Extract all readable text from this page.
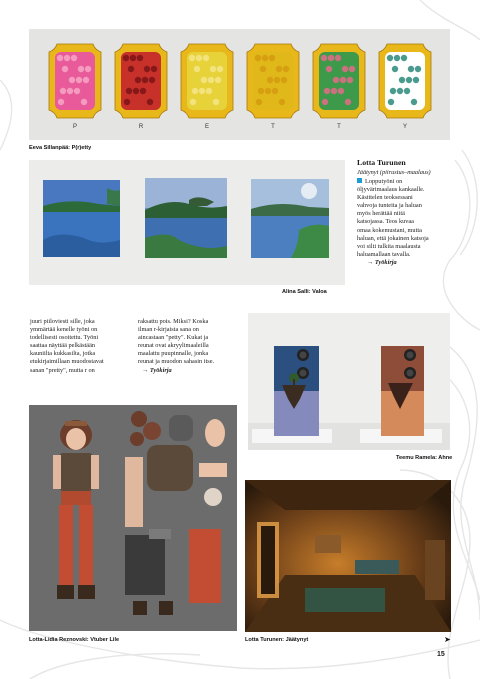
P	R	E	T	T	Y
Eeva Sillanpää: P(r)etty
Alina Salli: Valoa
Lotta Turunen
Jäätynyt (piirustus–maalaus)

Lopputyöni on

öljyvärimaalaus kankaalle.

Käsittelen teoksessani

vahvoja tunteita ja haluan

myös herättää niitä

katsojassa. Teos kuvaa

omaa kokemustani, mutta

haluan, että jokainen katsoja

voi silti tulkita maalausta

haluamallaan tavalla.

→ Työkirja

juuri piiloviesti sille, joka

ymmärtää kenelle työni on

todellisesti osoitettu. Työni

saattaa näyttää pelkästään

kauniilta kukkasilta, jotka

etukirjaimillaan muodostavat

sanan "pretty", mutta r on

raksattu pois. Miksi? Koska

ilman r-kirjaista sana on

aincastaan "petty". Kukat ja

reunat ovat akryylimaaleilla

maalattu puupinnalle, jonka

reunat ja muodon sahasin itse.

→ Työkirja

Teemu Ramela: Ahne
Lotta-Lidia Reznovski: Vtuber Lile	Lotta Turunen: Jäätynyt	➤
15
